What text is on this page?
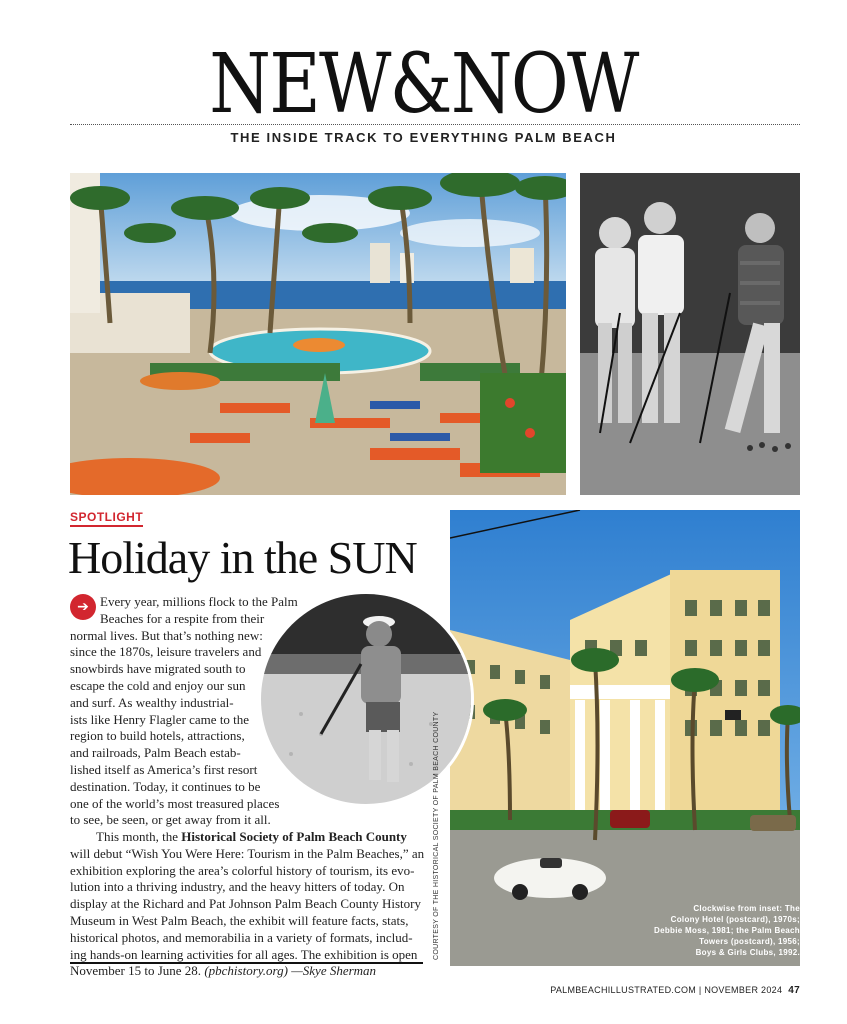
NEW&NOW
THE INSIDE TRACK TO EVERYTHING PALM BEACH
SPOTLIGHT
Holiday in the SUN
➔ Every year, millions flock to the Palm
Beaches for a respite from their
normal lives. But that’s nothing new:
since the 1870s, leisure travelers and
snowbirds have migrated south to
escape the cold and enjoy our sun
and surf. As wealthy industrial-
ists like Henry Flagler came to the
region to build hotels, attractions,
and railroads, Palm Beach estab-
lished itself as America’s first resort
destination. Today, it continues to be
one of the world’s most treasured places
to see, be seen, or get away from it all.
This month, the Historical Society of Palm Beach County
will debut “Wish You Were Here: Tourism in the Palm Beaches,” an
exhibition exploring the area’s colorful history of tourism, its evo-
lution into a thriving industry, and the heavy hitters of today. On
display at the Richard and Pat Johnson Palm Beach County History
Museum in West Palm Beach, the exhibit will feature facts, stats,
historical photos, and memorabilia in a variety of formats, includ-
ing hands-on learning activities for all ages. The exhibition is open
November 15 to June 28. (pbchistory.org) —Skye Sherman
COURTESY OF THE HISTORICAL SOCIETY OF PALM BEACH COUNTY	Clockwise from inset: The
Colony Hotel (postcard), 1970s;
Debbie Moss, 1981; the Palm Beach
Towers (postcard), 1956;
Boys & Girls Clubs, 1992.
PALMBEACHILLUSTRATED.COM | NOVEMBER 2024 47
